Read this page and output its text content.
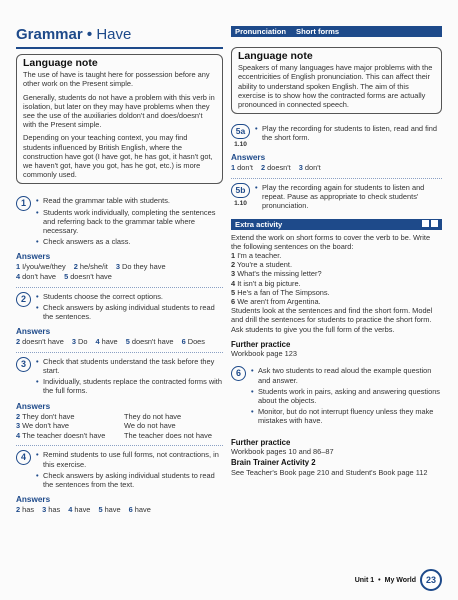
Grammar • Have
Language note

The use of have is taught here for possession before any other work on the Present simple.

Generally, students do not have a problem with this verb in isolation, but later on they may have problems when they see the use of the auxiliaries doldon't and does/doesn't with the Present simple.

Depending on your teaching context, you may find students influenced by British English, where the construction have got (I have got, he has got, it hasn't got, we haven't got, have you got, has he got, etc.) is more commonly used.

1	• Read the grammar table with students.
• Students work individually, completing the sentences and referring back to the grammar table where necessary.
• Check answers as a class.
Answers
1 I/you/we/they 2 he/she/it 3 Do they have
4 don't have 5 doesn't have
2	• Students choose the correct options.
• Check answers by asking individual students to read the sentences.
Answers
2 doesn't have 3 Do 4 have 5 doesn't have 6 Does
3	• Check that students understand the task before they start.
• Individually, students replace the contracted forms with the full forms.
Answers
2 They don't have	They do not have
3 We don't have	We do not have
4 The teacher doesn't have	The teacher does not have
4	• Remind students to use full forms, not contractions, in this exercise.
• Check answers by asking individual students to read the sentences from the text.
Answers
2 has 3 has 4 have 5 have 6 have
Pronunciation Short forms
Language note

Speakers of many languages have major problems with the eccentricities of English pronunciation. This can affect their ability to understand spoken English. The aim of this exercise is to show how the contracted forms are actually pronounced in connected speech.

5a
1.10
• Play the recording for students to listen, read and find the short form.
Answers
1 don't 2 doesn't 3 don't
5b
1.10
• Play the recording again for students to listen and repeat. Pause as appropriate to check students' pronunciation.
Extra activity

Extend the work on short forms to cover the verb to be. Write the following sentences on the board:

1 I'm a teacher.
2 You're a student.
3 What's the missing letter?
4 It isn't a big picture.
5 He's a fan of The Simpsons.
6 We aren't from Argentina.

Students look at the sentences and find the short form. Model and drill the sentences for students to practice the short form. Ask students to give you the full form of the verbs.

Further practice

Workbook page 123

6	• Ask two students to read aloud the example question and answer.
• Students work in pairs, asking and answering questions about the objects.
• Monitor, but do not interrupt fluency unless they make mistakes with have.
Further practice

Workbook pages 10 and 86–87

Brain Trainer Activity 2

See Teacher's Book page 210 and Student's Book page 112

Unit 1 • My World	23
